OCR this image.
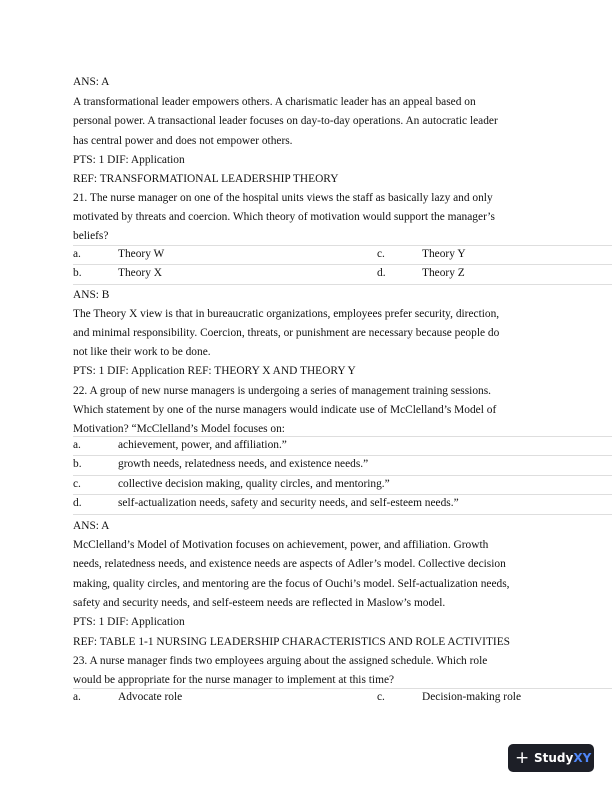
ANS: A
A transformational leader empowers others. A charismatic leader has an appeal based on
personal power. A transactional leader focuses on day-to-day operations. An autocratic leader
has central power and does not empower others.
PTS: 1 DIF: Application
REF: TRANSFORMATIONAL LEADERSHIP THEORY
21. The nurse manager on one of the hospital units views the staff as basically lazy and only
motivated by threats and coercion. Which theory of motivation would support the manager’s
beliefs?
a.	Theory W	c.	Theory Y
b.	Theory X	d.	Theory Z
ANS: B
The Theory X view is that in bureaucratic organizations, employees prefer security, direction,
and minimal responsibility. Coercion, threats, or punishment are necessary because people do
not like their work to be done.
PTS: 1 DIF: Application REF: THEORY X AND THEORY Y
22. A group of new nurse managers is undergoing a series of management training sessions.
Which statement by one of the nurse managers would indicate use of McClelland’s Model of
Motivation? “McClelland’s Model focuses on:
a.	achievement, power, and affiliation.”
b.	growth needs, relatedness needs, and existence needs.”
c.	collective decision making, quality circles, and mentoring.”
d.	self-actualization needs, safety and security needs, and self-esteem needs.”
ANS: A
McClelland’s Model of Motivation focuses on achievement, power, and affiliation. Growth
needs, relatedness needs, and existence needs are aspects of Adler’s model. Collective decision
making, quality circles, and mentoring are the focus of Ouchi’s model. Self-actualization needs,
safety and security needs, and self-esteem needs are reflected in Maslow’s model.
PTS: 1 DIF: Application
REF: TABLE 1-1 NURSING LEADERSHIP CHARACTERISTICS AND ROLE ACTIVITIES
23. A nurse manager finds two employees arguing about the assigned schedule. Which role
would be appropriate for the nurse manager to implement at this time?
a.	Advocate role	c.	Decision-making role
+ Study XY
